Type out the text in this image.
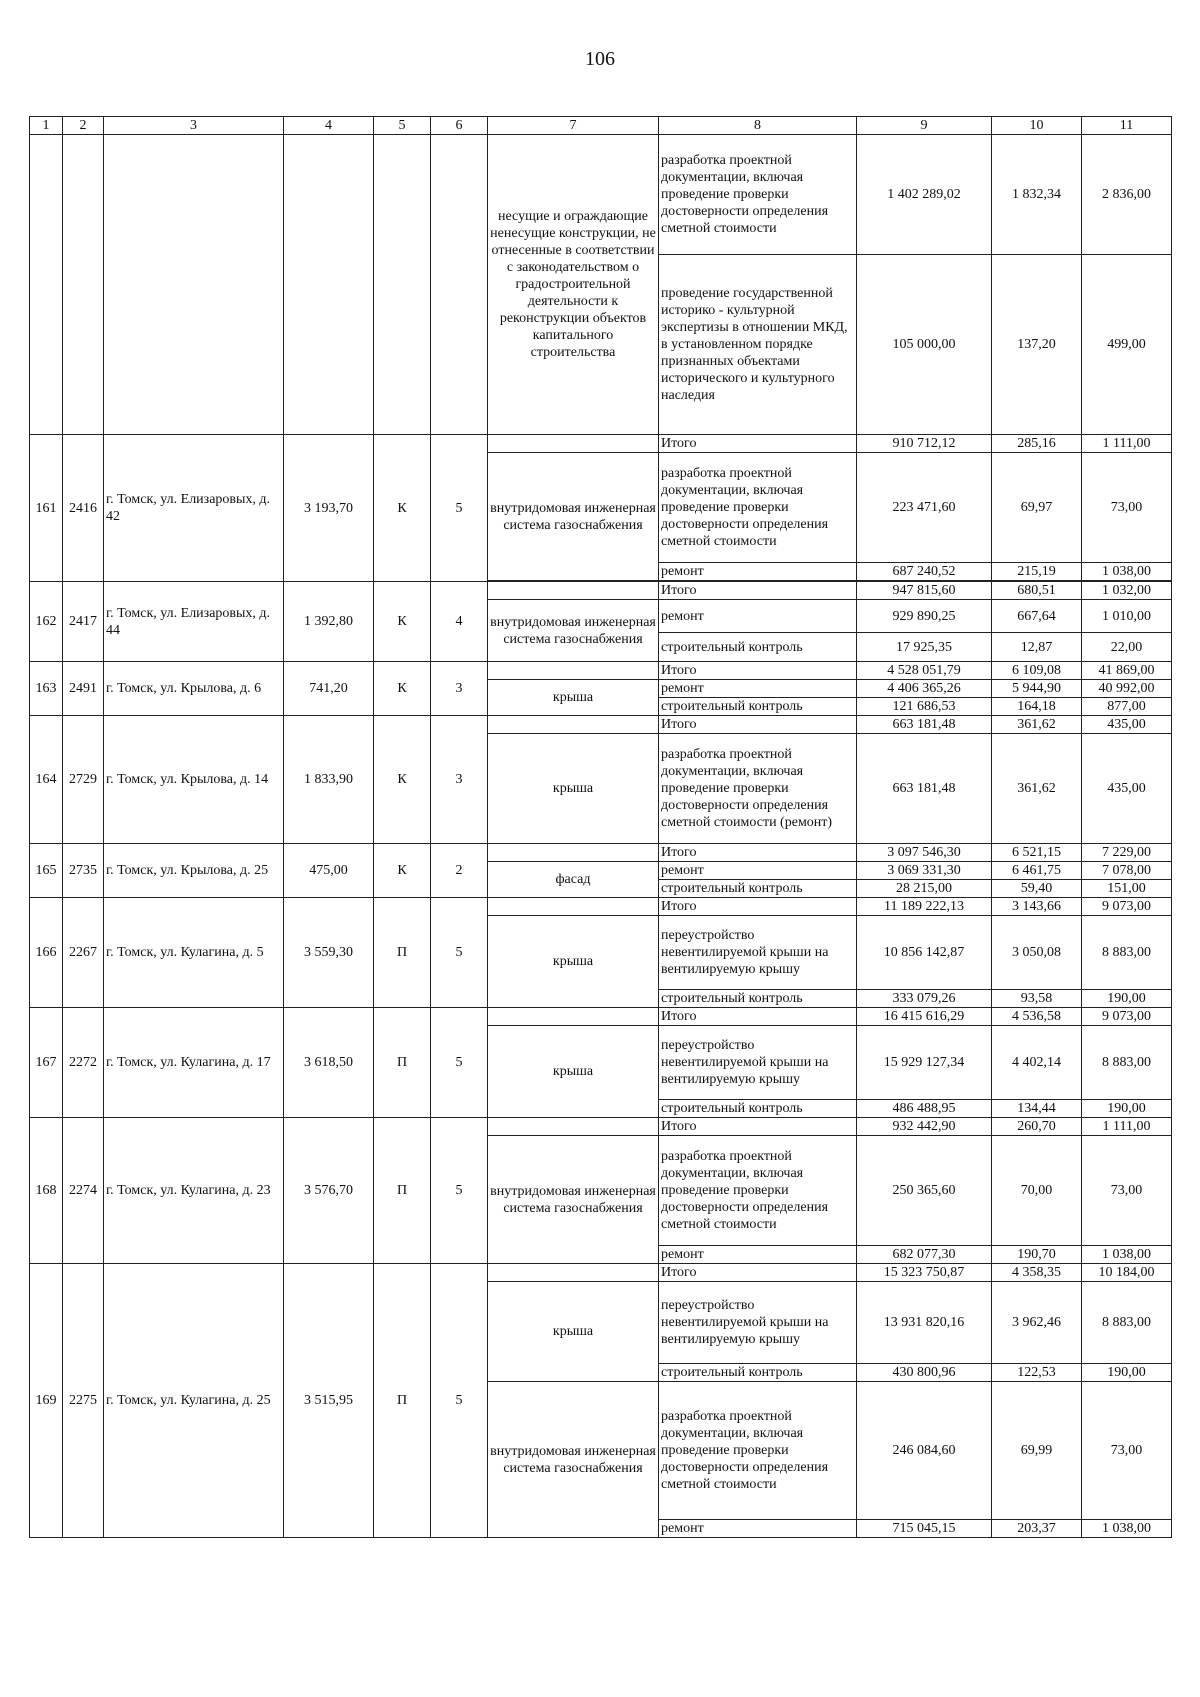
106
1	2	3	4	5	6	7	8	9	10	11
						несущие и ограждающие ненесущие конструкции, не отнесенные в соответствии с законодательством о градостроительной деятельности к реконструкции объектов капитального строительства	разработка проектной документации, включая проведение проверки достоверности определения сметной стоимости	1 402 289,02	1 832,34	2 836,00
							проведение государственной историко - культурной экспертизы в отношении МКД, в установленном порядке признанных объектами исторического и культурного наследия	105 000,00	137,20	499,00
161	2416	г. Томск, ул. Елизаровых, д. 42	3 193,70	К	5		Итого	910 712,12	285,16	1 111,00
						внутридомовая инженерная система газоснабжения	разработка проектной документации, включая проведение проверки достоверности определения сметной стоимости	223 471,60	69,97	73,00
							ремонт	687 240,52	215,19	1 038,00

162	2417	г. Томск, ул. Елизаровых, д. 44	1 392,80	К	4		Итого	947 815,60	680,51	1 032,00
						внутридомовая инженерная система газоснабжения	ремонт	929 890,25	667,64	1 010,00
							строительный контроль	17 925,35	12,87	22,00
163	2491	г. Томск, ул. Крылова, д. 6	741,20	К	3		Итого	4 528 051,79	6 109,08	41 869,00
						крыша	ремонт	4 406 365,26	5 944,90	40 992,00
							строительный контроль	121 686,53	164,18	877,00
164	2729	г. Томск, ул. Крылова, д. 14	1 833,90	К	3		Итого	663 181,48	361,62	435,00
						крыша	разработка проектной документации, включая проведение проверки достоверности определения сметной стоимости (ремонт)	663 181,48	361,62	435,00
165	2735	г. Томск, ул. Крылова, д. 25	475,00	К	2		Итого	3 097 546,30	6 521,15	7 229,00
						фасад	ремонт	3 069 331,30	6 461,75	7 078,00
							строительный контроль	28 215,00	59,40	151,00
166	2267	г. Томск, ул. Кулагина, д. 5	3 559,30	П	5		Итого	11 189 222,13	3 143,66	9 073,00
						крыша	переустройство невентилируемой крыши на вентилируемую крышу	10 856 142,87	3 050,08	8 883,00
							строительный контроль	333 079,26	93,58	190,00
167	2272	г. Томск, ул. Кулагина, д. 17	3 618,50	П	5		Итого	16 415 616,29	4 536,58	9 073,00
						крыша	переустройство невентилируемой крыши на вентилируемую крышу	15 929 127,34	4 402,14	8 883,00
							строительный контроль	486 488,95	134,44	190,00
168	2274	г. Томск, ул. Кулагина, д. 23	3 576,70	П	5		Итого	932 442,90	260,70	1 111,00
						внутридомовая инженерная система газоснабжения	разработка проектной документации, включая проведение проверки достоверности определения сметной стоимости	250 365,60	70,00	73,00
							ремонт	682 077,30	190,70	1 038,00
169	2275	г. Томск, ул. Кулагина, д. 25	3 515,95	П	5		Итого	15 323 750,87	4 358,35	10 184,00
						крыша	переустройство невентилируемой крыши на вентилируемую крышу	13 931 820,16	3 962,46	8 883,00
							строительный контроль	430 800,96	122,53	190,00
						внутридомовая инженерная система газоснабжения	разработка проектной документации, включая проведение проверки достоверности определения сметной стоимости	246 084,60	69,99	73,00
							ремонт	715 045,15	203,37	1 038,00
